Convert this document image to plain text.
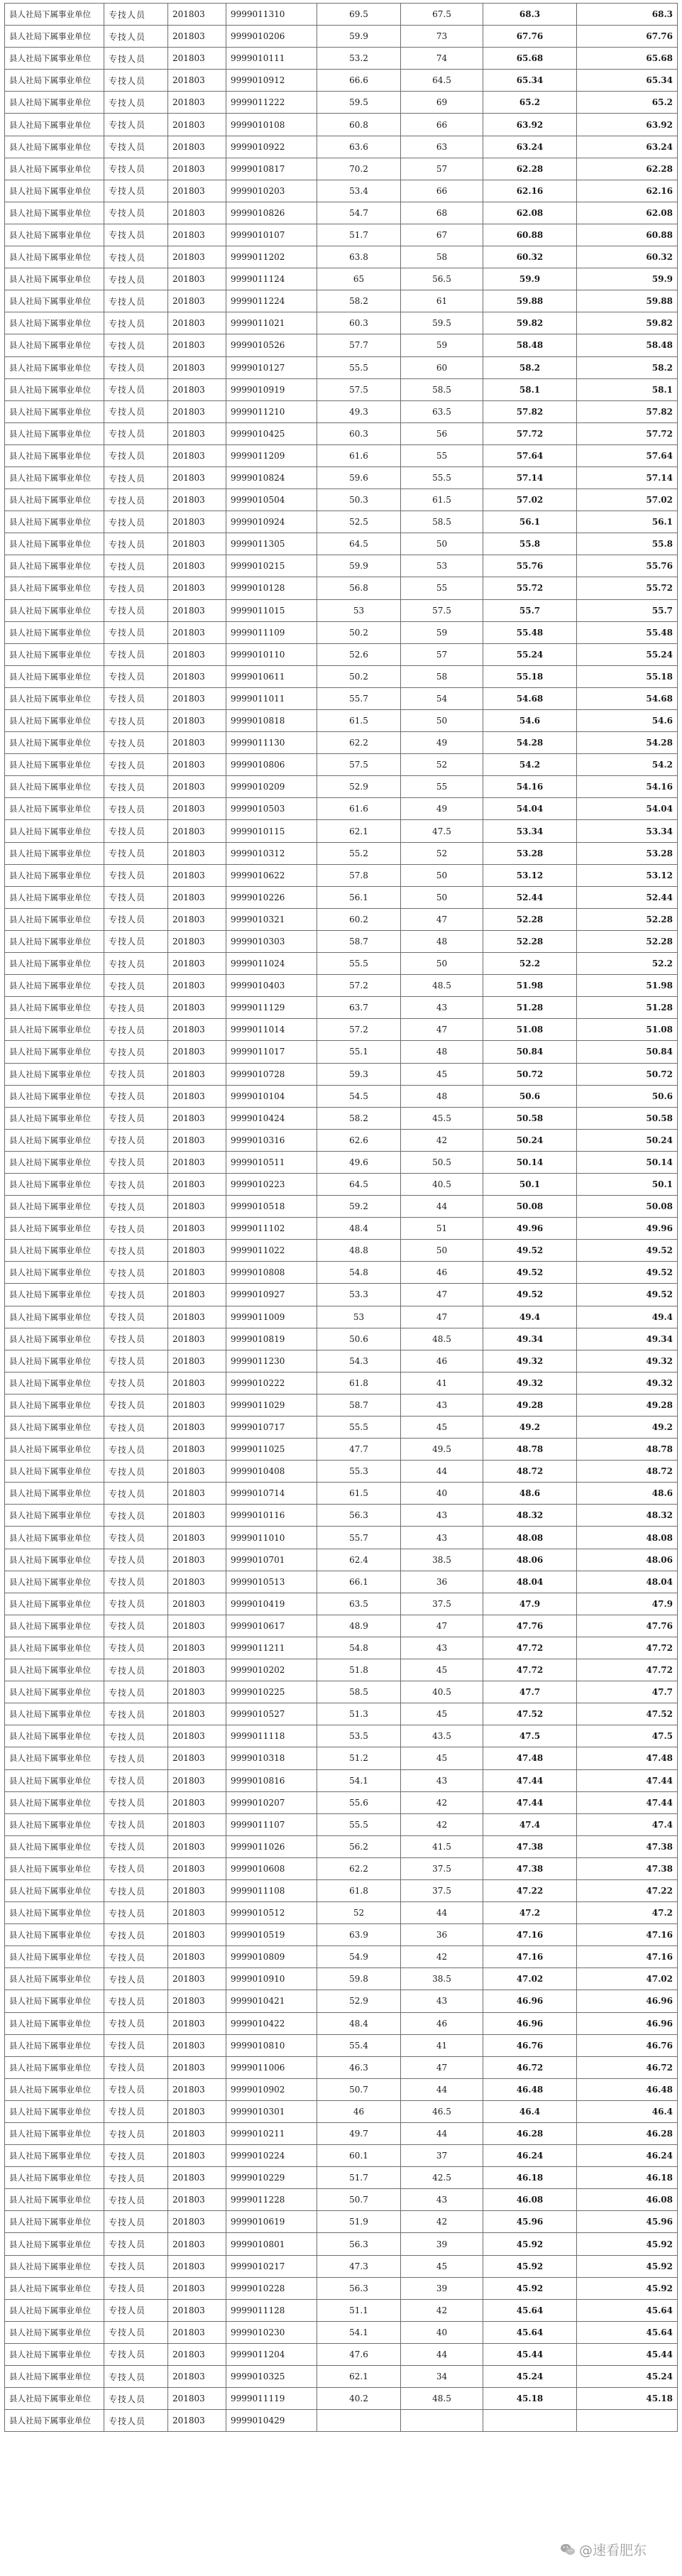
县人社局下属事业单位	专技人员	201803	9999011310	69.5	67.5	68.3	68.3
县人社局下属事业单位	专技人员	201803	9999010206	59.9	73	67.76	67.76
县人社局下属事业单位	专技人员	201803	9999010111	53.2	74	65.68	65.68
县人社局下属事业单位	专技人员	201803	9999010912	66.6	64.5	65.34	65.34
县人社局下属事业单位	专技人员	201803	9999011222	59.5	69	65.2	65.2
县人社局下属事业单位	专技人员	201803	9999010108	60.8	66	63.92	63.92
县人社局下属事业单位	专技人员	201803	9999010922	63.6	63	63.24	63.24
县人社局下属事业单位	专技人员	201803	9999010817	70.2	57	62.28	62.28
县人社局下属事业单位	专技人员	201803	9999010203	53.4	66	62.16	62.16
县人社局下属事业单位	专技人员	201803	9999010826	54.7	68	62.08	62.08
县人社局下属事业单位	专技人员	201803	9999010107	51.7	67	60.88	60.88
县人社局下属事业单位	专技人员	201803	9999011202	63.8	58	60.32	60.32
县人社局下属事业单位	专技人员	201803	9999011124	65	56.5	59.9	59.9
县人社局下属事业单位	专技人员	201803	9999011224	58.2	61	59.88	59.88
县人社局下属事业单位	专技人员	201803	9999011021	60.3	59.5	59.82	59.82
县人社局下属事业单位	专技人员	201803	9999010526	57.7	59	58.48	58.48
县人社局下属事业单位	专技人员	201803	9999010127	55.5	60	58.2	58.2
县人社局下属事业单位	专技人员	201803	9999010919	57.5	58.5	58.1	58.1
县人社局下属事业单位	专技人员	201803	9999011210	49.3	63.5	57.82	57.82
县人社局下属事业单位	专技人员	201803	9999010425	60.3	56	57.72	57.72
县人社局下属事业单位	专技人员	201803	9999011209	61.6	55	57.64	57.64
县人社局下属事业单位	专技人员	201803	9999010824	59.6	55.5	57.14	57.14
县人社局下属事业单位	专技人员	201803	9999010504	50.3	61.5	57.02	57.02
县人社局下属事业单位	专技人员	201803	9999010924	52.5	58.5	56.1	56.1
县人社局下属事业单位	专技人员	201803	9999011305	64.5	50	55.8	55.8
县人社局下属事业单位	专技人员	201803	9999010215	59.9	53	55.76	55.76
县人社局下属事业单位	专技人员	201803	9999010128	56.8	55	55.72	55.72
县人社局下属事业单位	专技人员	201803	9999011015	53	57.5	55.7	55.7
县人社局下属事业单位	专技人员	201803	9999011109	50.2	59	55.48	55.48
县人社局下属事业单位	专技人员	201803	9999010110	52.6	57	55.24	55.24
县人社局下属事业单位	专技人员	201803	9999010611	50.2	58	55.18	55.18
县人社局下属事业单位	专技人员	201803	9999011011	55.7	54	54.68	54.68
县人社局下属事业单位	专技人员	201803	9999010818	61.5	50	54.6	54.6
县人社局下属事业单位	专技人员	201803	9999011130	62.2	49	54.28	54.28
县人社局下属事业单位	专技人员	201803	9999010806	57.5	52	54.2	54.2
县人社局下属事业单位	专技人员	201803	9999010209	52.9	55	54.16	54.16
县人社局下属事业单位	专技人员	201803	9999010503	61.6	49	54.04	54.04
县人社局下属事业单位	专技人员	201803	9999010115	62.1	47.5	53.34	53.34
县人社局下属事业单位	专技人员	201803	9999010312	55.2	52	53.28	53.28
县人社局下属事业单位	专技人员	201803	9999010622	57.8	50	53.12	53.12
县人社局下属事业单位	专技人员	201803	9999010226	56.1	50	52.44	52.44
县人社局下属事业单位	专技人员	201803	9999010321	60.2	47	52.28	52.28
县人社局下属事业单位	专技人员	201803	9999010303	58.7	48	52.28	52.28
县人社局下属事业单位	专技人员	201803	9999011024	55.5	50	52.2	52.2
县人社局下属事业单位	专技人员	201803	9999010403	57.2	48.5	51.98	51.98
县人社局下属事业单位	专技人员	201803	9999011129	63.7	43	51.28	51.28
县人社局下属事业单位	专技人员	201803	9999011014	57.2	47	51.08	51.08
县人社局下属事业单位	专技人员	201803	9999011017	55.1	48	50.84	50.84
县人社局下属事业单位	专技人员	201803	9999010728	59.3	45	50.72	50.72
县人社局下属事业单位	专技人员	201803	9999010104	54.5	48	50.6	50.6
县人社局下属事业单位	专技人员	201803	9999010424	58.2	45.5	50.58	50.58
县人社局下属事业单位	专技人员	201803	9999010316	62.6	42	50.24	50.24
县人社局下属事业单位	专技人员	201803	9999010511	49.6	50.5	50.14	50.14
县人社局下属事业单位	专技人员	201803	9999010223	64.5	40.5	50.1	50.1
县人社局下属事业单位	专技人员	201803	9999010518	59.2	44	50.08	50.08
县人社局下属事业单位	专技人员	201803	9999011102	48.4	51	49.96	49.96
县人社局下属事业单位	专技人员	201803	9999011022	48.8	50	49.52	49.52
县人社局下属事业单位	专技人员	201803	9999010808	54.8	46	49.52	49.52
县人社局下属事业单位	专技人员	201803	9999010927	53.3	47	49.52	49.52
县人社局下属事业单位	专技人员	201803	9999011009	53	47	49.4	49.4
县人社局下属事业单位	专技人员	201803	9999010819	50.6	48.5	49.34	49.34
县人社局下属事业单位	专技人员	201803	9999011230	54.3	46	49.32	49.32
县人社局下属事业单位	专技人员	201803	9999010222	61.8	41	49.32	49.32
县人社局下属事业单位	专技人员	201803	9999011029	58.7	43	49.28	49.28
县人社局下属事业单位	专技人员	201803	9999010717	55.5	45	49.2	49.2
县人社局下属事业单位	专技人员	201803	9999011025	47.7	49.5	48.78	48.78
县人社局下属事业单位	专技人员	201803	9999010408	55.3	44	48.72	48.72
县人社局下属事业单位	专技人员	201803	9999010714	61.5	40	48.6	48.6
县人社局下属事业单位	专技人员	201803	9999010116	56.3	43	48.32	48.32
县人社局下属事业单位	专技人员	201803	9999011010	55.7	43	48.08	48.08
县人社局下属事业单位	专技人员	201803	9999010701	62.4	38.5	48.06	48.06
县人社局下属事业单位	专技人员	201803	9999010513	66.1	36	48.04	48.04
县人社局下属事业单位	专技人员	201803	9999010419	63.5	37.5	47.9	47.9
县人社局下属事业单位	专技人员	201803	9999010617	48.9	47	47.76	47.76
县人社局下属事业单位	专技人员	201803	9999011211	54.8	43	47.72	47.72
县人社局下属事业单位	专技人员	201803	9999010202	51.8	45	47.72	47.72
县人社局下属事业单位	专技人员	201803	9999010225	58.5	40.5	47.7	47.7
县人社局下属事业单位	专技人员	201803	9999010527	51.3	45	47.52	47.52
县人社局下属事业单位	专技人员	201803	9999011118	53.5	43.5	47.5	47.5
县人社局下属事业单位	专技人员	201803	9999010318	51.2	45	47.48	47.48
县人社局下属事业单位	专技人员	201803	9999010816	54.1	43	47.44	47.44
县人社局下属事业单位	专技人员	201803	9999010207	55.6	42	47.44	47.44
县人社局下属事业单位	专技人员	201803	9999011107	55.5	42	47.4	47.4
县人社局下属事业单位	专技人员	201803	9999011026	56.2	41.5	47.38	47.38
县人社局下属事业单位	专技人员	201803	9999010608	62.2	37.5	47.38	47.38
县人社局下属事业单位	专技人员	201803	9999011108	61.8	37.5	47.22	47.22
县人社局下属事业单位	专技人员	201803	9999010512	52	44	47.2	47.2
县人社局下属事业单位	专技人员	201803	9999010519	63.9	36	47.16	47.16
县人社局下属事业单位	专技人员	201803	9999010809	54.9	42	47.16	47.16
县人社局下属事业单位	专技人员	201803	9999010910	59.8	38.5	47.02	47.02
县人社局下属事业单位	专技人员	201803	9999010421	52.9	43	46.96	46.96
县人社局下属事业单位	专技人员	201803	9999010422	48.4	46	46.96	46.96
县人社局下属事业单位	专技人员	201803	9999010810	55.4	41	46.76	46.76
县人社局下属事业单位	专技人员	201803	9999011006	46.3	47	46.72	46.72
县人社局下属事业单位	专技人员	201803	9999010902	50.7	44	46.48	46.48
县人社局下属事业单位	专技人员	201803	9999010301	46	46.5	46.4	46.4
县人社局下属事业单位	专技人员	201803	9999010211	49.7	44	46.28	46.28
县人社局下属事业单位	专技人员	201803	9999010224	60.1	37	46.24	46.24
县人社局下属事业单位	专技人员	201803	9999010229	51.7	42.5	46.18	46.18
县人社局下属事业单位	专技人员	201803	9999011228	50.7	43	46.08	46.08
县人社局下属事业单位	专技人员	201803	9999010619	51.9	42	45.96	45.96
县人社局下属事业单位	专技人员	201803	9999010801	56.3	39	45.92	45.92
县人社局下属事业单位	专技人员	201803	9999010217	47.3	45	45.92	45.92
县人社局下属事业单位	专技人员	201803	9999010228	56.3	39	45.92	45.92
县人社局下属事业单位	专技人员	201803	9999011128	51.1	42	45.64	45.64
县人社局下属事业单位	专技人员	201803	9999010230	54.1	40	45.64	45.64
县人社局下属事业单位	专技人员	201803	9999011204	47.6	44	45.44	45.44
县人社局下属事业单位	专技人员	201803	9999010325	62.1	34	45.24	45.24
县人社局下属事业单位	专技人员	201803	9999011119	40.2	48.5	45.18	45.18
县人社局下属事业单位	专技人员	201803	9999010429				
@速看肥东
